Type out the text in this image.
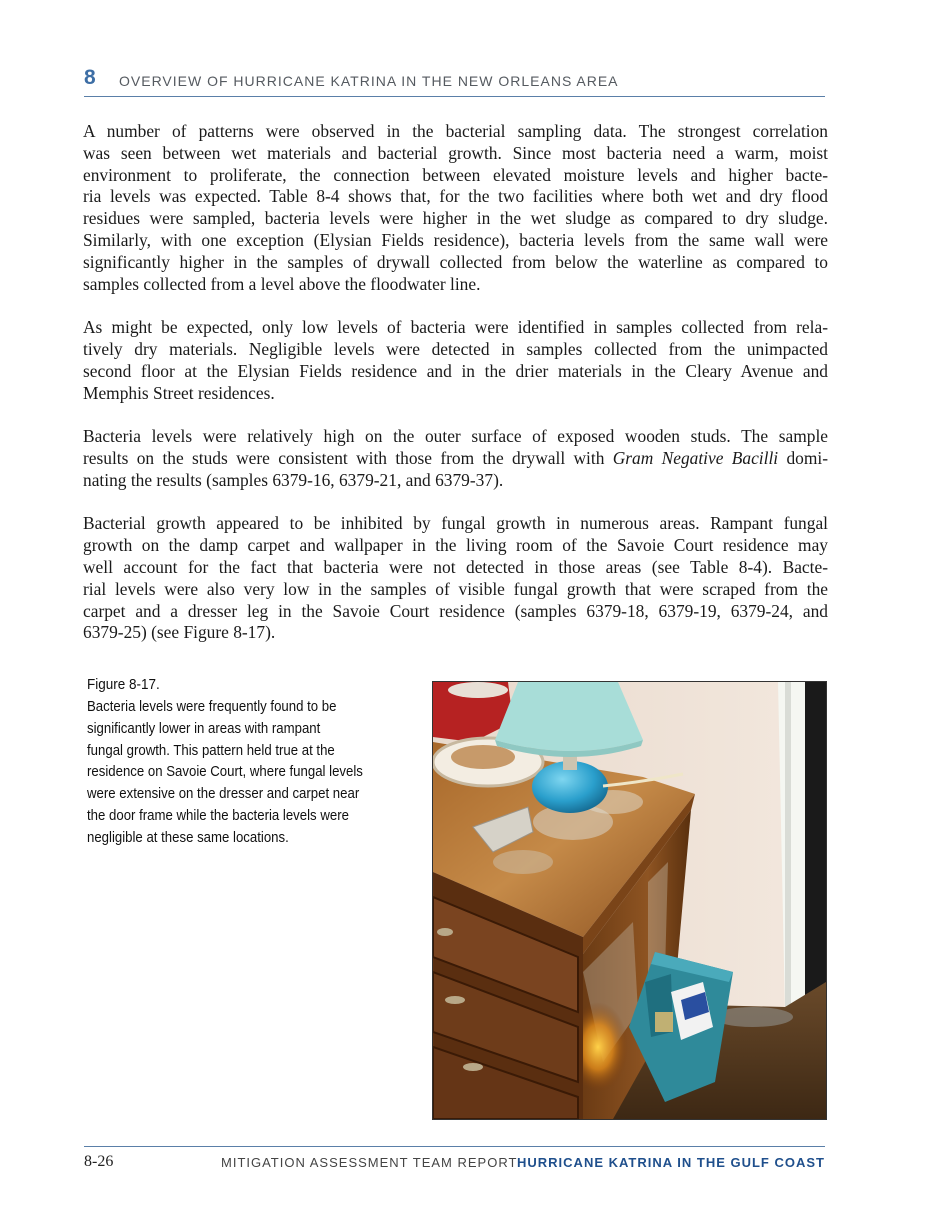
8 OVERVIEW OF HURRICANE KATRINA IN THE NEW ORLEANS AREA

A number of patterns were observed in the bacterial sampling data. The strongest correlation
was seen between wet materials and bacterial growth. Since most bacteria need a warm, moist
environment to proliferate, the connection between elevated moisture levels and higher bacte-
ria levels was expected. Table 8-4 shows that, for the two facilities where both wet and dry flood
residues were sampled, bacteria levels were higher in the wet sludge as compared to dry sludge.
Similarly, with one exception (Elysian Fields residence), bacteria levels from the same wall were
significantly higher in the samples of drywall collected from below the waterline as compared to
samples collected from a level above the floodwater line.

As might be expected, only low levels of bacteria were identified in samples collected from rela-
tively dry materials. Negligible levels were detected in samples collected from the unimpacted
second floor at the Elysian Fields residence and in the drier materials in the Cleary Avenue and
Memphis Street residences.

Bacteria levels were relatively high on the outer surface of exposed wooden studs. The sample
results on the studs were consistent with those from the drywall with Gram Negative Bacilli domi-
nating the results (samples 6379-16, 6379-21, and 6379-37).

Bacterial growth appeared to be inhibited by fungal growth in numerous areas. Rampant fungal
growth on the damp carpet and wallpaper in the living room of the Savoie Court residence may
well account for the fact that bacteria were not detected in those areas (see Table 8-4). Bacte-
rial levels were also very low in the samples of visible fungal growth that were scraped from the
carpet and a dresser leg in the Savoie Court residence (samples 6379-18, 6379-19, 6379-24, and
6379-25) (see Figure 8-17).

Figure 8-17.
Bacteria levels were frequently found to be
significantly lower in areas with rampant
fungal growth. This pattern held true at the
residence on Savoie Court, where fungal levels
were extensive on the dresser and carpet near
the door frame while the bacteria levels were
negligible at these same locations.
8-26	MITIGATION ASSESSMENT TEAM REPORT HURRICANE KATRINA IN THE GULF COAST
